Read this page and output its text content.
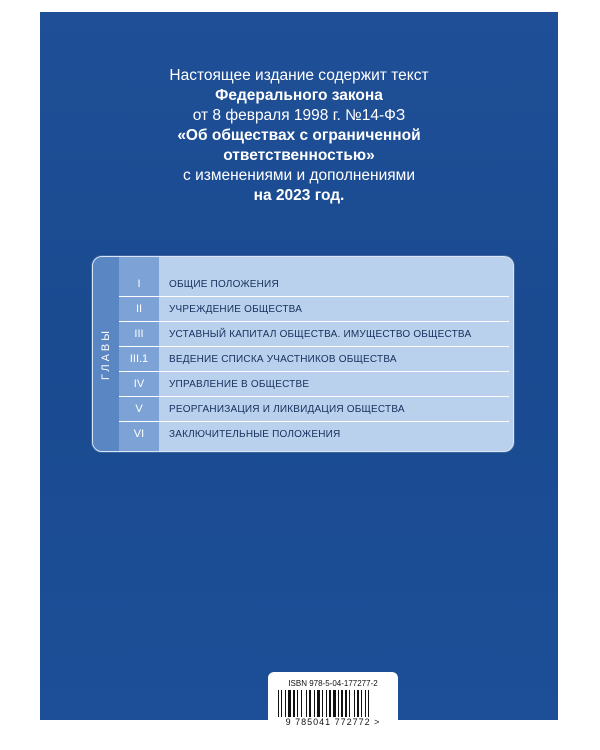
Настоящее издание содержит текст
Федерального закона
от 8 февраля 1998 г. №14-ФЗ
«Об обществах с ограниченной
ответственностью»
с изменениями и дополнениями
на 2023 год.
ГЛАВЫ
I	ОБЩИЕ ПОЛОЖЕНИЯ
II	УЧРЕЖДЕНИЕ ОБЩЕСТВА
III	УСТАВНЫЙ КАПИТАЛ ОБЩЕСТВА. ИМУЩЕСТВО ОБЩЕСТВА
III.1	ВЕДЕНИЕ СПИСКА УЧАСТНИКОВ ОБЩЕСТВА
IV	УПРАВЛЕНИЕ В ОБЩЕСТВЕ
V	РЕОРГАНИЗАЦИЯ И ЛИКВИДАЦИЯ ОБЩЕСТВА
VI	ЗАКЛЮЧИТЕЛЬНЫЕ ПОЛОЖЕНИЯ
ISBN 978-5-04-177277-2
9 785041 772772 >
